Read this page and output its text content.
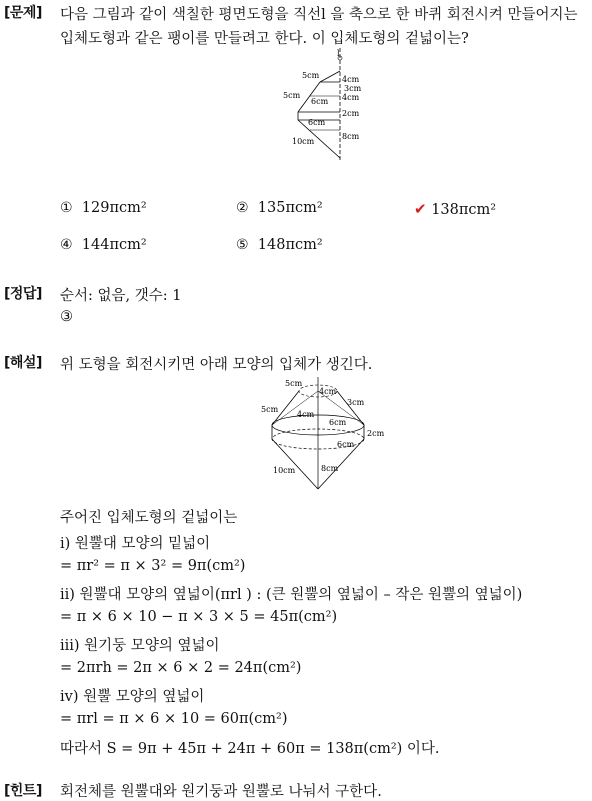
[문제] 다음 그림과 같이 색칠한 평면도형을 직선l 을 축으로 한 바퀴 회전시켜 만들어지는
입체도형과 같은 팽이를 만들려고 한다. 이 입체도형의 겉넓이는?
l
5cm	4cm
3cm
5cm
6cm 4cm
2cm
6cm
8cm
10cm
① 129πcm²	② 135πcm²	✔ 138πcm²
④ 144πcm²	⑤ 148πcm²
[정답] 순서: 없음, 갯수: 1
③
[해설] 위 도형을 회전시키면 아래 모양의 입체가 생긴다.
5cm
4cm
3cm
5cm
4cm
6cm
2cm
6cm
10cm	8cm
주어진 입체도형의 겉넓이는
ⅰ) 원뿔대 모양의 밑넓이
= πr² = π × 3² = 9π(cm²)
ⅱ) 원뿔대 모양의 옆넓이(πrl ) : (큰 원뿔의 옆넓이 – 작은 원뿔의 옆넓이)
= π × 6 × 10 − π × 3 × 5 = 45π(cm²)
ⅲ) 원기둥 모양의 옆넓이
= 2πrh = 2π × 6 × 2 = 24π(cm²)
ⅳ) 원뿔 모양의 옆넓이
= πrl = π × 6 × 10 = 60π(cm²)
따라서 S = 9π + 45π + 24π + 60π = 138π(cm²) 이다.
[힌트] 회전체를 원뿔대와 원기둥과 원뿔로 나눠서 구한다.
